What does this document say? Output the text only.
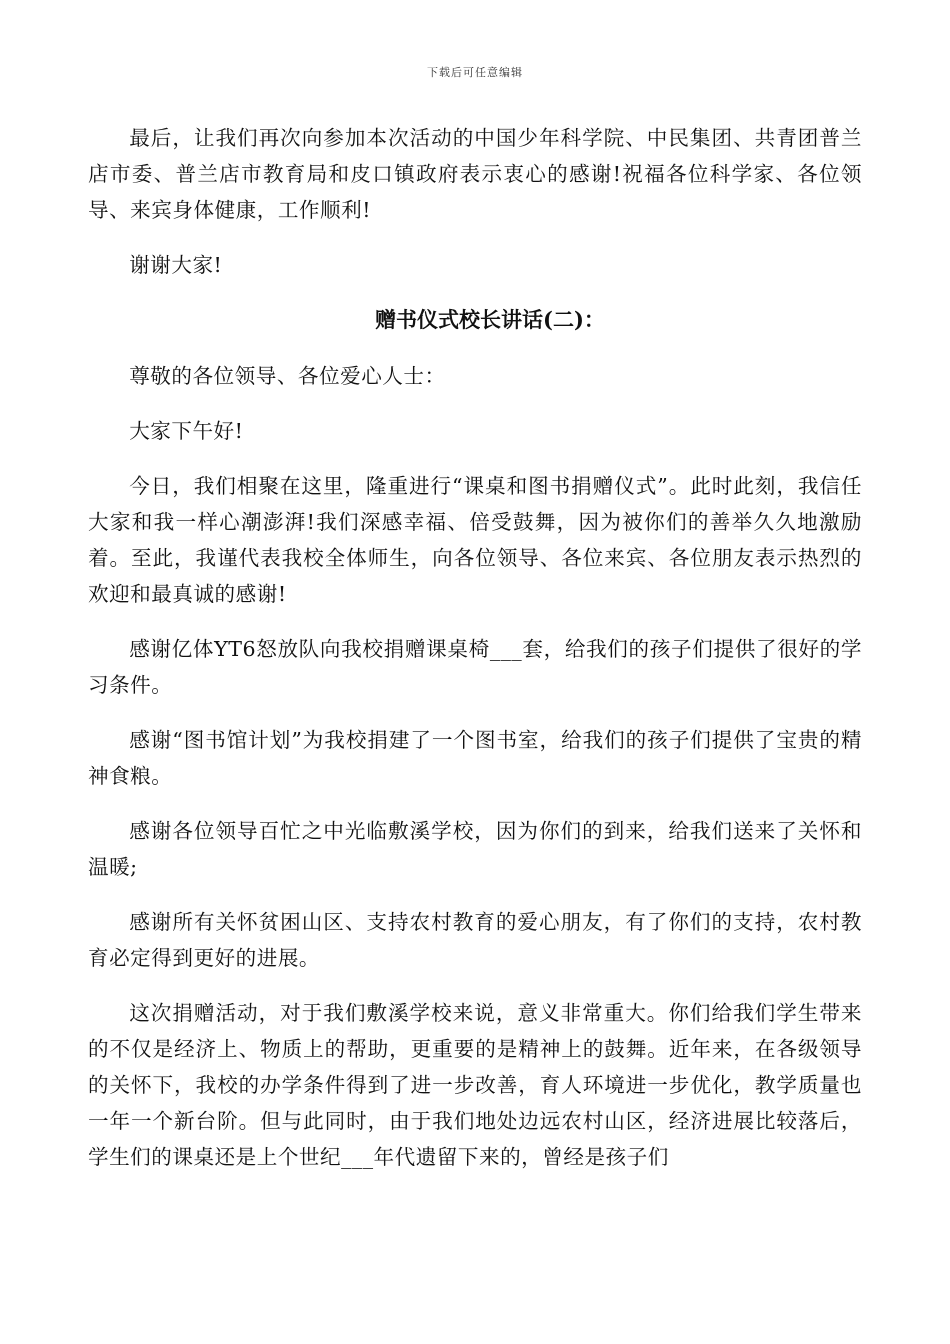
下载后可任意编辑

最后，让我们再次向参加本次活动的中国少年科学院、中民集团、共青团普兰店市委、普兰店市教育局和皮口镇政府表示衷心的感谢!祝福各位科学家、各位领导、来宾身体健康，工作顺利!

谢谢大家!

赠书仪式校长讲话(二)：

尊敬的各位领导、各位爱心人士：

大家下午好!

今日，我们相聚在这里，隆重进行“课桌和图书捐赠仪式”。此时此刻，我信任大家和我一样心潮澎湃!我们深感幸福、倍受鼓舞，因为被你们的善举久久地激励着。至此，我谨代表我校全体师生，向各位领导、各位来宾、各位朋友表示热烈的欢迎和最真诚的感谢!

感谢亿体YT6怒放队向我校捐赠课桌椅___套，给我们的孩子们提供了很好的学习条件。

感谢“图书馆计划”为我校捐建了一个图书室，给我们的孩子们提供了宝贵的精神食粮。

感谢各位领导百忙之中光临敷溪学校，因为你们的到来，给我们送来了关怀和温暖;

感谢所有关怀贫困山区、支持农村教育的爱心朋友，有了你们的支持，农村教育必定得到更好的进展。

这次捐赠活动，对于我们敷溪学校来说，意义非常重大。你们给我们学生带来的不仅是经济上、物质上的帮助，更重要的是精神上的鼓舞。近年来，在各级领导的关怀下，我校的办学条件得到了进一步改善，育人环境进一步优化，教学质量也一年一个新台阶。但与此同时，由于我们地处边远农村山区，经济进展比较落后，学生们的课桌还是上个世纪___年代遗留下来的，曾经是孩子们
